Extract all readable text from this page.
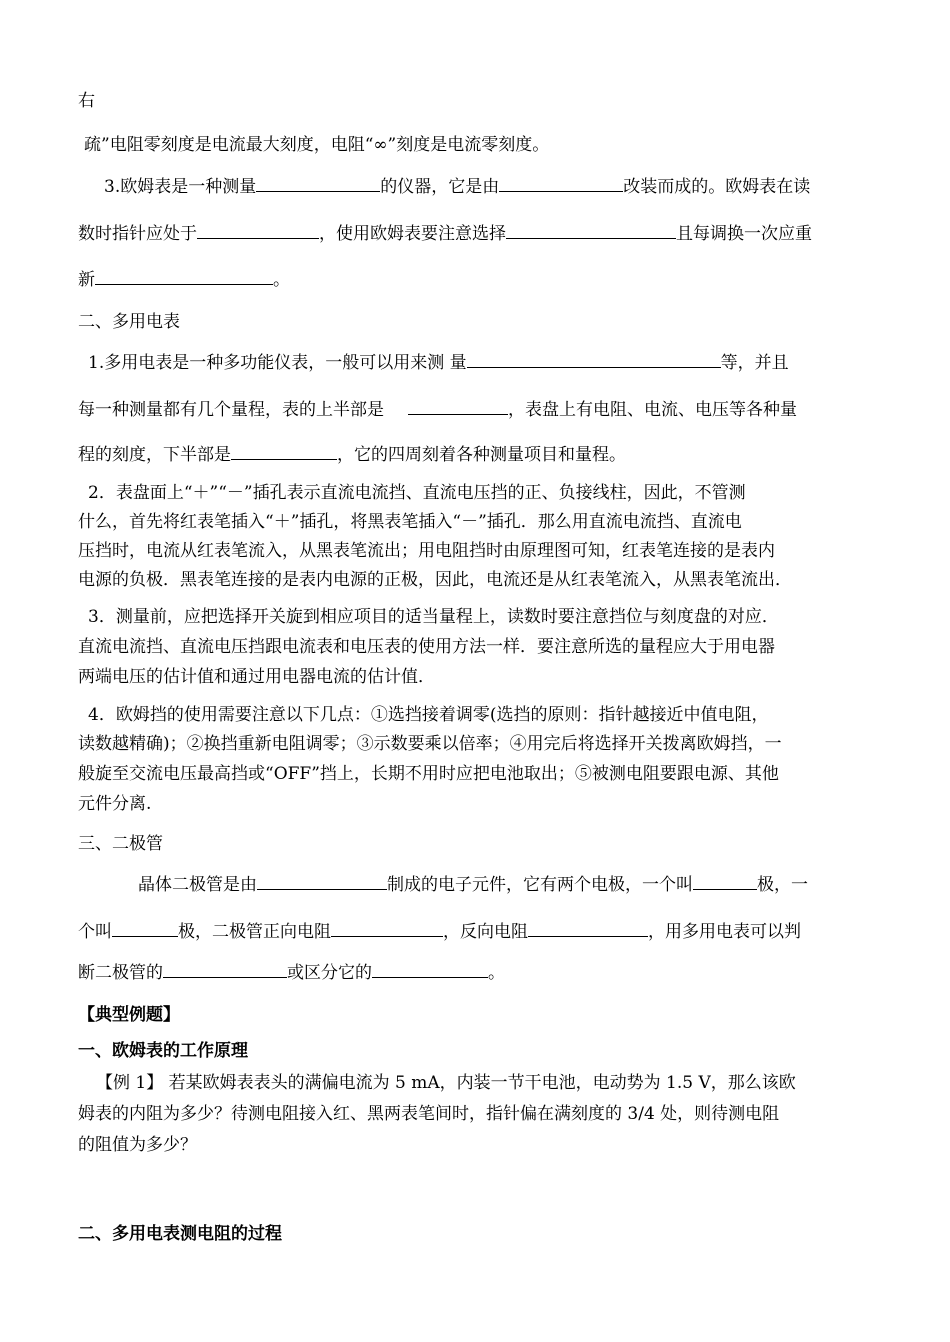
右
疏”电阻零刻度是电流最大刻度，电阻“∞”刻度是电流零刻度。
3.欧姆表是一种测量	的仪器，它是由	改装而成的。欧姆表在读
数时指针应处于	，使用欧姆表要注意选择	且每调换一次应重
新	。
二、多用电表
1.多用电表是一种多功能仪表，一般可以用来测 量	等，并且
每一种测量都有几个量程，表的上半部是	，表盘上有电阻、电流、电压等各种量
程的刻度，下半部是	，它的四周刻着各种测量项目和量程。
2．表盘面上“＋”“－”插孔表示直流电流挡、直流电压挡的正、负接线柱，因此，不管测
什么，首先将红表笔插入“＋”插孔，将黑表笔插入“－”插孔．那么用直流电流挡、直流电
压挡时，电流从红表笔流入，从黑表笔流出；用电阻挡时由原理图可知，红表笔连接的是表内
电源的负极．黑表笔连接的是表内电源的正极，因此，电流还是从红表笔流入，从黑表笔流出．
3．测量前，应把选择开关旋到相应项目的适当量程上，读数时要注意挡位与刻度盘的对应．
直流电流挡、直流电压挡跟电流表和电压表的使用方法一样．要注意所选的量程应大于用电器
两端电压的估计值和通过用电器电流的估计值．
4．欧姆挡的使用需要注意以下几点：①选挡接着调零(选挡的原则：指针越接近中值电阻，
读数越精确)；②换挡重新电阻调零；③示数要乘以倍率；④用完后将选择开关拨离欧姆挡，一
般旋至交流电压最高挡或“OFF”挡上，长期不用时应把电池取出；⑤被测电阻要跟电源、其他
元件分离.
三、二极管
晶体二极管是由	制成的电子元件，它有两个电极，一个叫	极，一
个叫	极，二极管正向电阻	，反向电阻	，用多用电表可以判
断二极管的	或区分它的	。
【典型例题】
一、欧姆表的工作原理
【例 1】 若某欧姆表表头的满偏电流为 5 mA，内装一节干电池，电动势为 1.5 V，那么该欧
姆表的内阻为多少？待测电阻接入红、黑两表笔间时，指针偏在满刻度的 3/4 处，则待测电阻
的阻值为多少？
二、多用电表测电阻的过程
